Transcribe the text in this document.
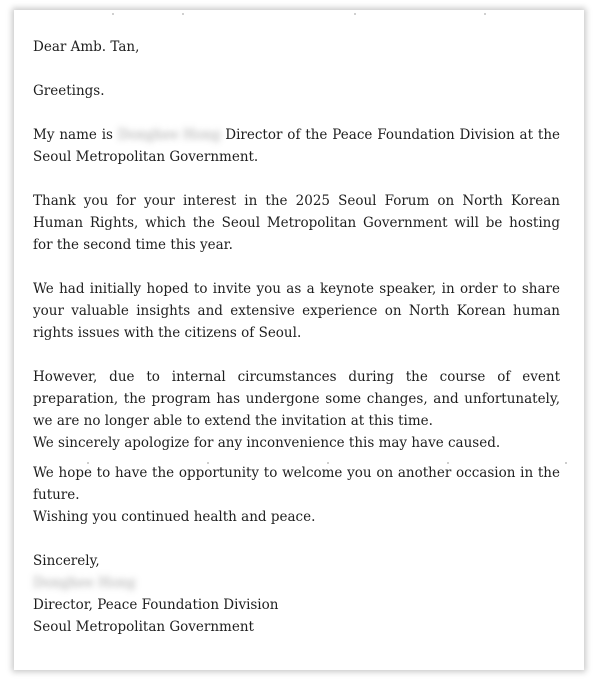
Dear Amb. Tan,

Greetings.

My name is Donghee Hong Director of the Peace Foundation Division at the Seoul Metropolitan Government.

Thank you for your interest in the 2025 Seoul Forum on North Korean Human Rights, which the Seoul Metropolitan Government will be hosting for the second time this year.

We had initially hoped to invite you as a keynote speaker, in order to share your valuable insights and extensive experience on North Korean human rights issues with the citizens of Seoul.

However, due to internal circumstances during the course of event preparation, the program has undergone some changes, and unfortunately, we are no longer able to extend the invitation at this time.

We sincerely apologize for any inconvenience this may have caused.

We hope to have the opportunity to welcome you on another occasion in the future.

Wishing you continued health and peace.

Sincerely,
Donghee Hong
Director, Peace Foundation Division
Seoul Metropolitan Government
